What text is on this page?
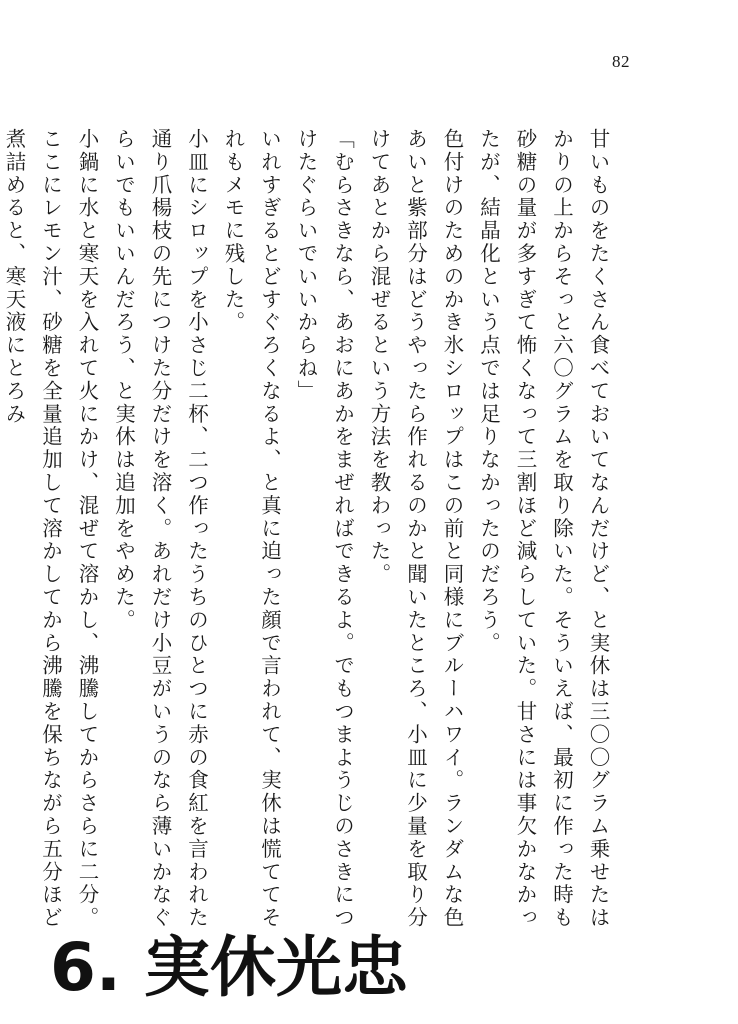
82

甘いものをたくさん食べておいてなんだけど、と実休は三〇〇グラム乗せたはかりの上からそっと六〇グラムを取り除いた。そういえば、最初に作った時も砂糖の量が多すぎて怖くなって三割ほど減らしていた。甘さには事欠かなかったが、結晶化という点では足りなかったのだろう。

色付けのためのかき氷シロップはこの前と同様にブルーハワイ。ランダムな色あいと紫部分はどうやったら作れるのかと聞いたところ、小皿に少量を取り分けてあとから混ぜるという方法を教わった。

「むらさきなら、あおにあかをまぜればできるよ。でもつまようじのさきにつけたぐらいでいいからね」

いれすぎるとどすぐろくなるよ、と真に迫った顔で言われて、実休は慌ててそれもメモに残した。

小皿にシロップを小さじ二杯、二つ作ったうちのひとつに赤の食紅を言われた通り爪楊枝の先につけた分だけを溶く。あれだけ小豆がいうのなら薄いかなぐらいでもいいんだろう、と実休は追加をやめた。

小鍋に水と寒天を入れて火にかけ、混ぜて溶かし、沸騰してからさらに二分。ここにレモン汁、砂糖を全量追加して溶かしてから沸騰を保ちながら五分ほど煮詰めると、寒天液にとろみ

6. 実休光忠
